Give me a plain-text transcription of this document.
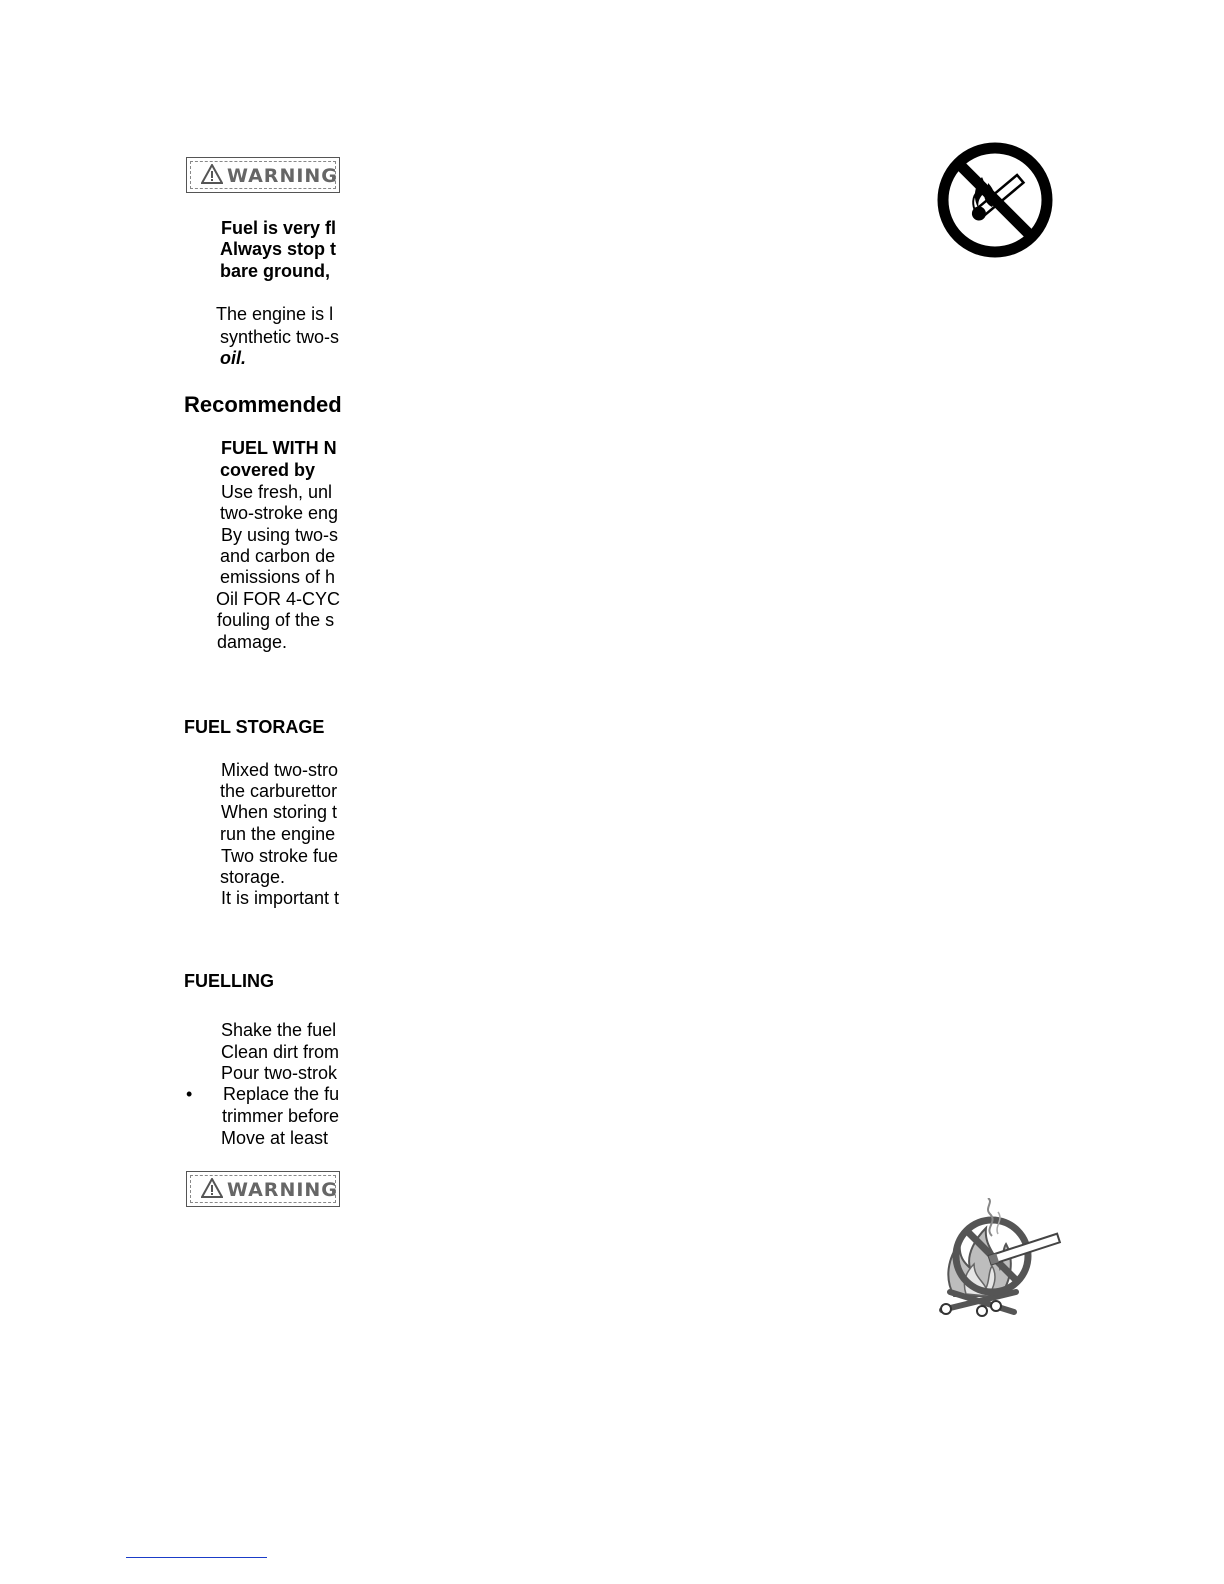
WARNING
Fuel is very fl
Always stop t
bare ground,
The engine is l
synthetic two-s
oil.
Recommended
FUEL WITH N
covered by
Use fresh, unl
two-stroke eng
By using two-s
and carbon de
emissions of h
Oil FOR 4-CYC
fouling of the s
damage.
FUEL STORAGE
Mixed two-stro
the carburettor
When storing t
run the engine
Two stroke fue
storage.
It is important t
FUELLING
Shake the fuel
Clean dirt from
Pour two-strok
• Replace the fu
trimmer before
Move at least
WARNING
